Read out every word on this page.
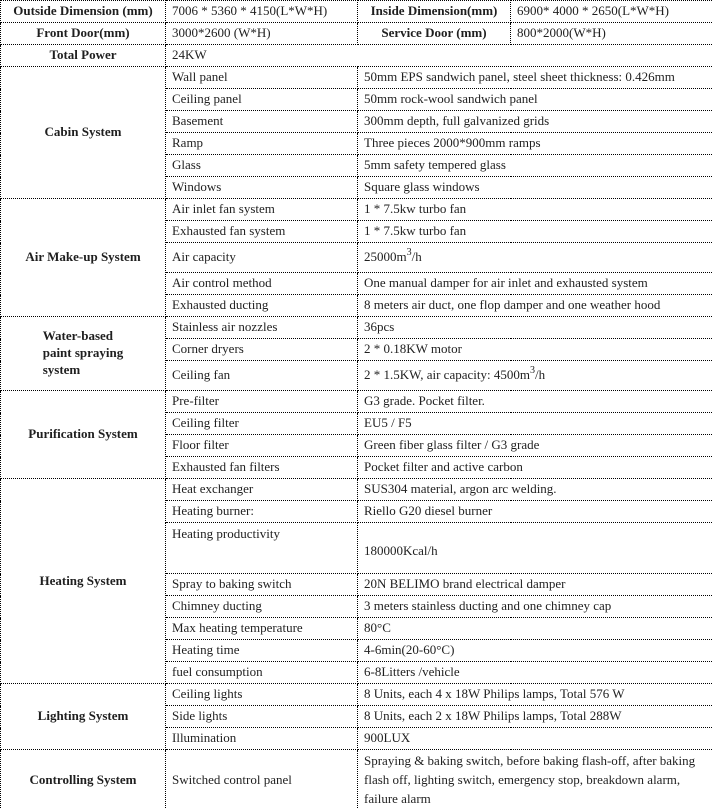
Outside Dimension (mm)	7006 * 5360 * 4150(L*W*H)	Inside Dimension(mm)	6900* 4000 * 2650(L*W*H)
Front Door(mm)	3000*2600 (W*H)	Service Door (mm)	800*2000(W*H)
Total Power	24KW		
Cabin System	Wall panel	50mm EPS sandwich panel, steel sheet thickness: 0.426mm	
	Ceiling panel	50mm rock-wool sandwich panel	
	Basement	300mm depth, full galvanized grids	
	Ramp	Three pieces 2000*900mm ramps	
	Glass	5mm safety tempered glass	
	Windows	Square glass windows	
Air Make-up System	Air inlet fan system	1 * 7.5kw turbo fan	
	Exhausted fan system	1 * 7.5kw turbo fan	
	Air capacity	$25000m^3/h$	
	Air control method	One manual damper for air inlet and exhausted system	
	Exhausted ducting	8 meters air duct, one flop damper and one weather hood	
Water-based
paint spraying
system	Stainless air nozzles	36pcs	
	Corner dryers	2 * 0.18KW motor	
	Ceiling fan	2 * 1.5KW, air capacity: $4500m^3/h$	
Purification System	Pre-filter	G3 grade. Pocket filter.	
	Ceiling filter	EU5 / F5	
	Floor filter	Green fiber glass filter / G3 grade	
	Exhausted fan filters	Pocket filter and active carbon	
Heating System	Heat exchanger	SUS304 material, argon arc welding.	
	Heating burner:	Riello G20 diesel burner	
	Heating productivity	180000Kcal/h	
	Spray to baking switch	20N BELIMO brand electrical damper	
	Chimney ducting	3 meters stainless ducting and one chimney cap	
	Max heating temperature	80°C	
	Heating time	4-6min(20-60°C)	
	fuel consumption	6-8Litters /vehicle	
Lighting System	Ceiling lights	8 Units, each 4 x 18W Philips lamps, Total 576 W	
	Side lights	8 Units, each 2 x 18W Philips lamps, Total 288W	
	Illumination	900LUX	
Controlling System	Switched control panel	Spraying & baking switch, before baking flash-off, after baking flash off, lighting switch, emergency stop, breakdown alarm, failure alarm	
